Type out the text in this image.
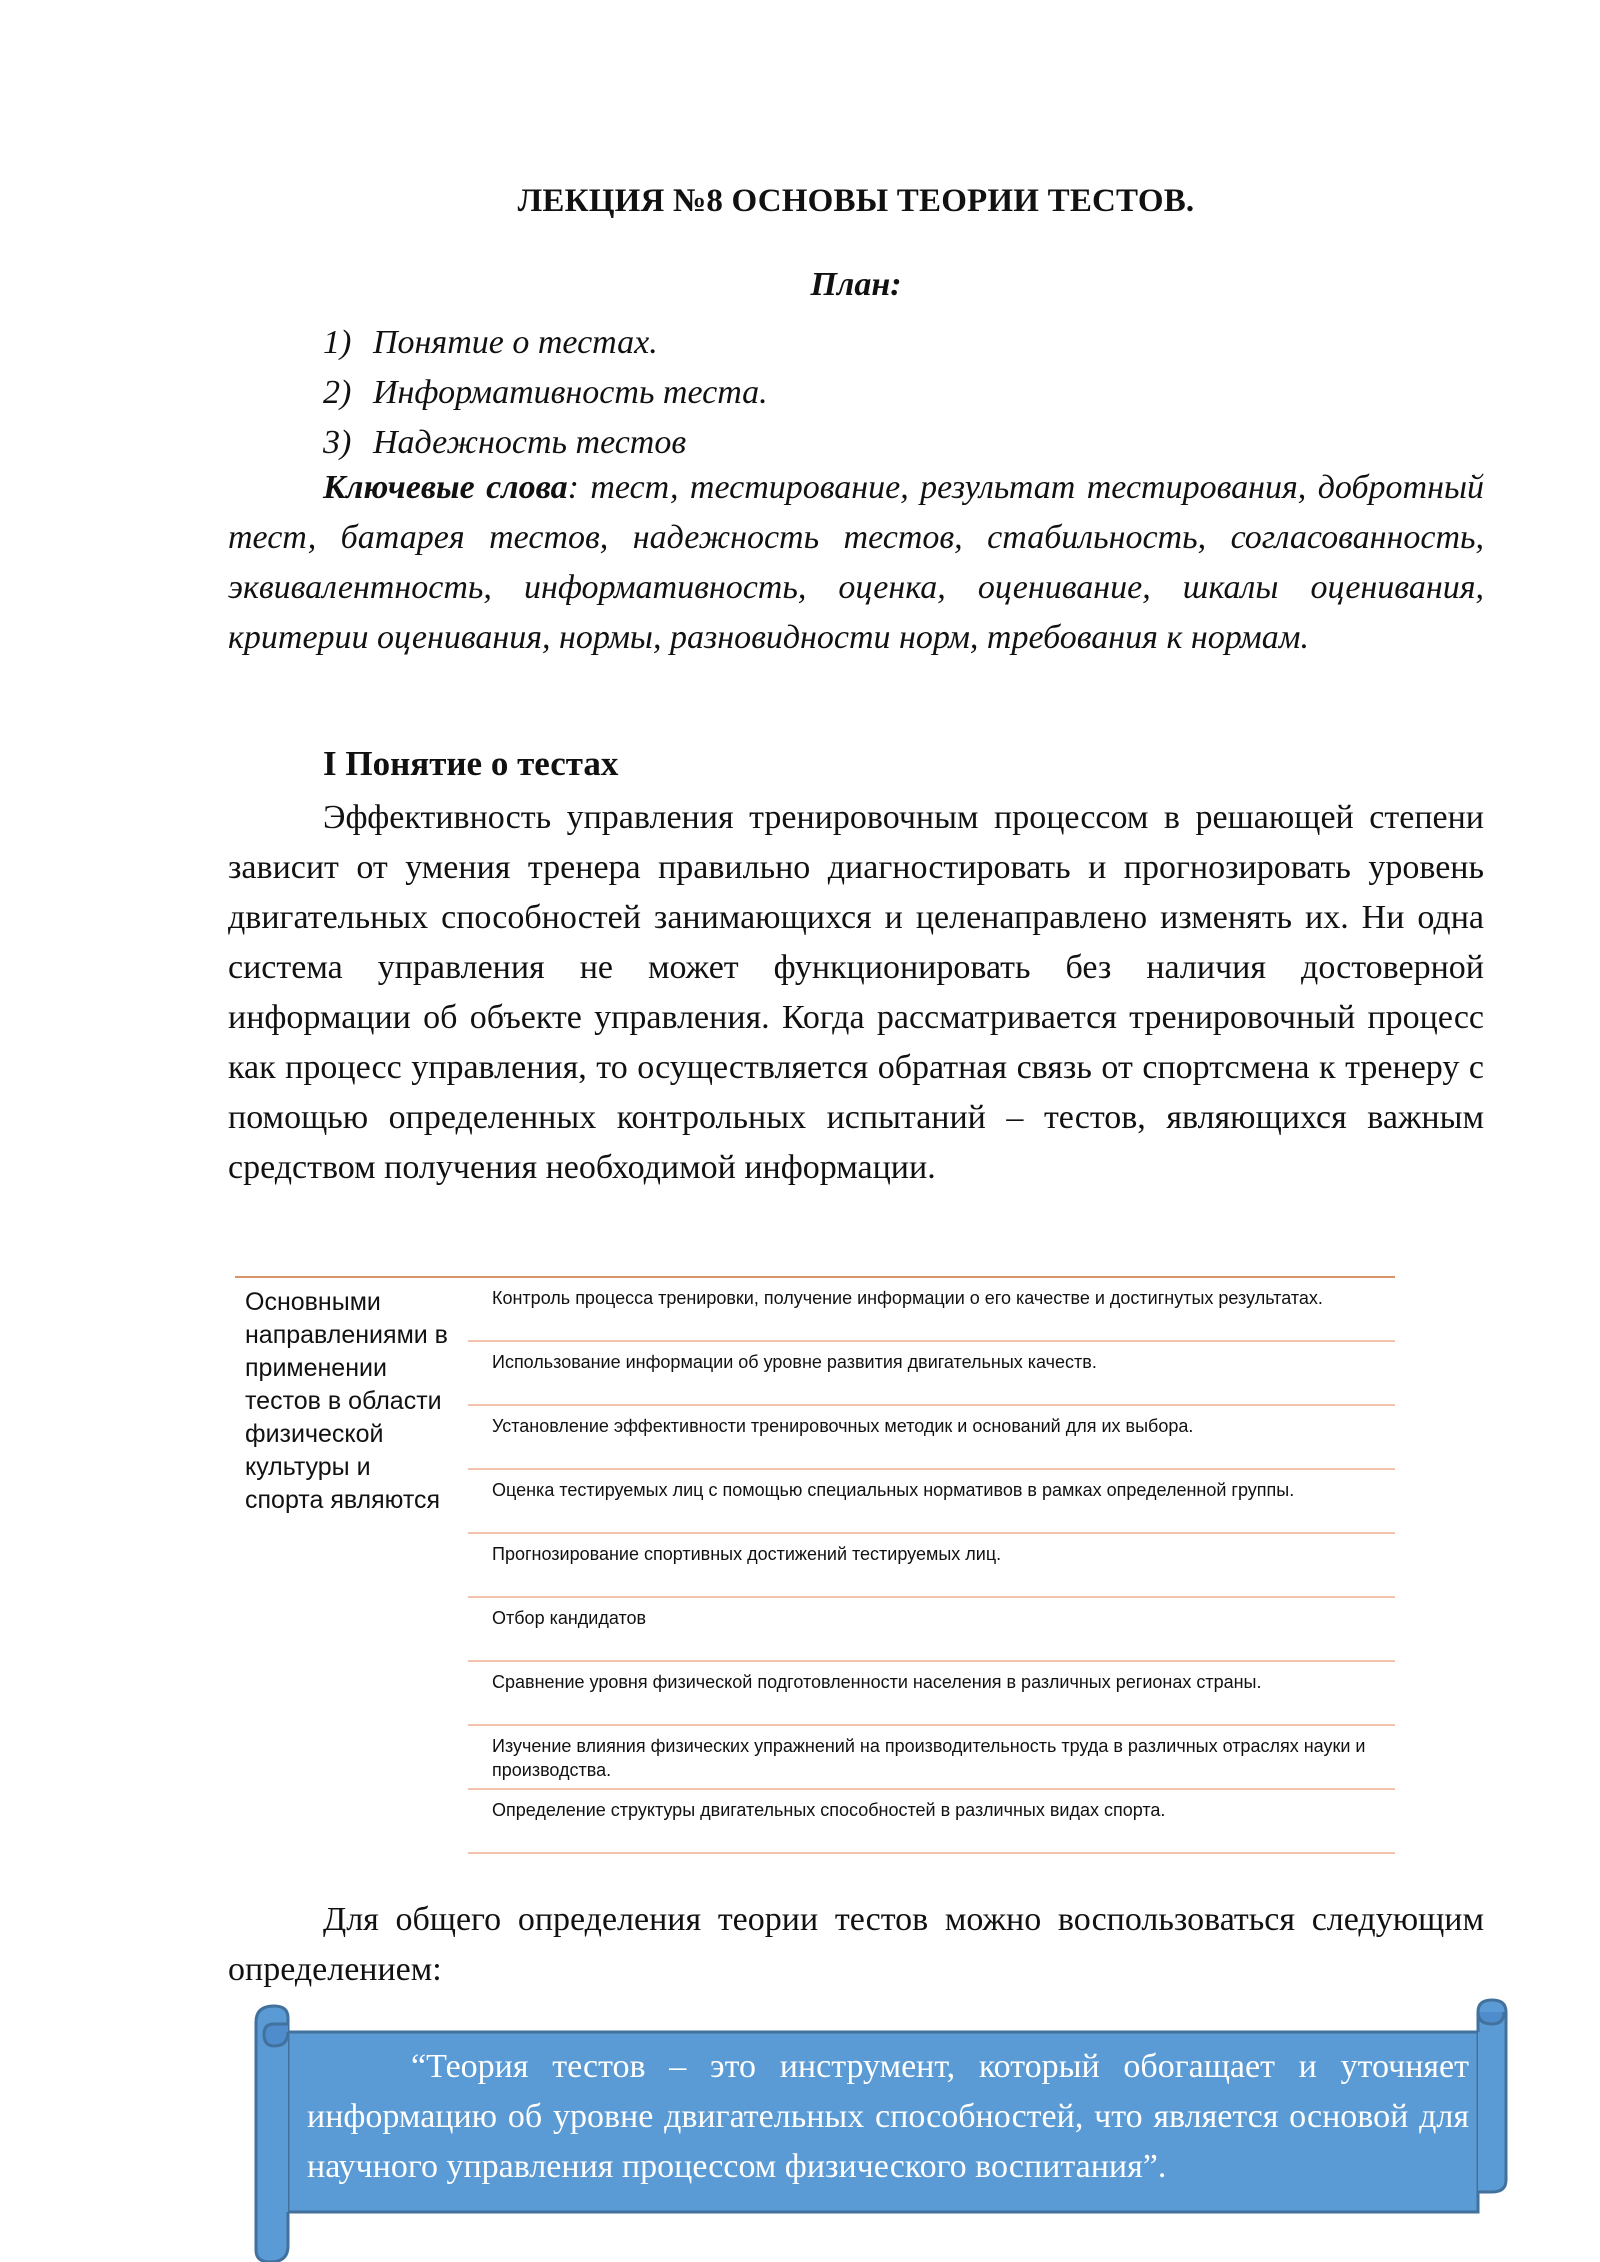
ЛЕКЦИЯ №8 ОСНОВЫ ТЕОРИИ ТЕСТОВ.
План:
1) Понятие о тестах.
2) Информативность теста.
3) Надежность тестов
Ключевые слова: тест, тестирование, результат тестирования, добротный тест, батарея тестов, надежность тестов, стабильность, согласованность, эквивалентность, информативность, оценка, оценивание, шкалы оценивания, критерии оценивания, нормы, разновидности норм, требования к нормам.
I Понятие о тестах

Эффективность управления тренировочным процессом в решающей степени зависит от умения тренера правильно диагностировать и прогнозировать уровень двигательных способностей занимающихся и целенаправлено изменять их. Ни одна система управления не может функционировать без наличия достоверной информации об объекте управления. Когда рассматривается тренировочный процесс как процесс управления, то осуществляется обратная связь от спортсмена к тренеру с помощью определенных контрольных испытаний – тестов, являющихся важным средством получения необходимой информации.

Основными направлениями в применении тестов в области физической культуры и спорта являются
Контроль процесса тренировки, получение информации о его качестве и достигнутых результатах.
Использование информации об уровне развития двигательных качеств.
Установление эффективности тренировочных методик и оснований для их выбора.
Оценка тестируемых лиц с помощью специальных нормативов в рамках определенной группы.
Прогнозирование спортивных достижений тестируемых лиц.
Отбор кандидатов
Сравнение уровня физической подготовленности населения в различных регионах страны.
Изучение влияния физических упражнений на производительность труда в различных отраслях науки и производства.
Определение структуры двигательных способностей в различных видах спорта.

Для общего определения теории тестов можно воспользоваться следующим определением:

“Теория тестов – это инструмент, который обогащает и уточняет информацию об уровне двигательных способностей, что является основой для научного управления процессом физического воспитания”.
